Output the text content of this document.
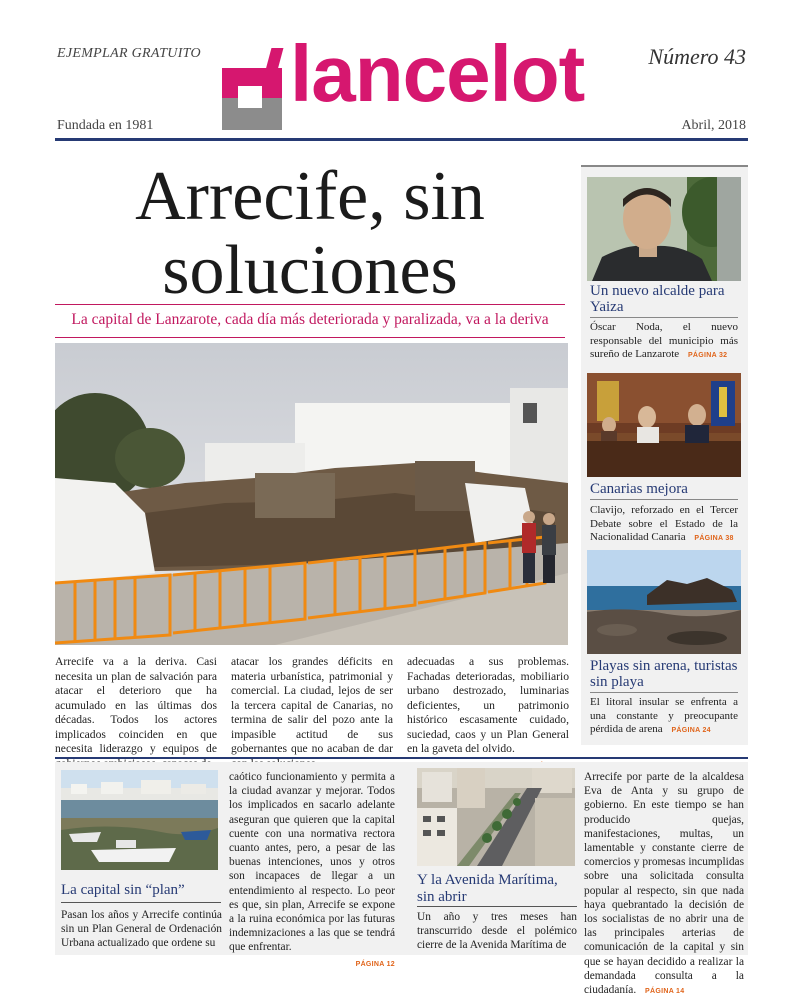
EJEMPLAR GRATUITO
Fundada en 1981
Número 43
Abril, 2018
lancelot
Arrecife, sin soluciones
La capital de Lanzarote, cada día más deteriorada y paralizada, va a la deriva

Arrecife va a la deriva. Casi necesita un plan de salvación para atacar el deterioro que ha acumulado en las últimas dos décadas. Todos los actores implicados coinciden en que necesita liderazgo y equipos de

atacar los grandes déficits en materia urbanística, patrimonial y comercial. La ciudad, lejos de ser la tercera capital de Canarias, no termina de salir del pozo ante la impasible actitud de sus gobernantes que no acaban de dar

adecuadas a sus problemas. Fachadas deterioradas, mobiliario urbano destrozado, luminarias deficientes, un patrimonio histórico escasamente cuidado, suciedad, caos y un Plan General en la gaveta del olvido.

Un nuevo alcalde para Yaiza
Óscar Noda, el nuevo responsable del municipio más sureño de Lanzarote PÁGINA 32
Canarias mejora
Clavijo, reforzado en el Tercer Debate sobre el Estado de la Nacionalidad Canaria PÁGINA 38
Playas sin arena, turistas sin playa
El litoral insular se enfrenta a una constante y preocupante pérdida de arena PÁGINA 24
La capital sin “plan”
Pasan los años y Arrecife continúa sin un Plan General de Ordenación Urbana actualizado que ordene su
caótico funcionamiento y permita a la ciudad avanzar y mejorar. Todos los implicados en sacarlo adelante aseguran que quieren que la capital cuente con una normativa rectora cuanto antes, pero, a pesar de las buenas intenciones, unos y otros son incapaces de llegar a un entendimiento al respecto. Lo peor es que, sin plan, Arrecife se expone a la ruina económica por las futuras indemnizaciones a las que se tendrá que enfrentar.

PÁGINA 12
Y la Avenida Marítima, sin abrir
Un año y tres meses han transcurrido desde el polémico cierre de la Avenida Marítima de
Arrecife por parte de la alcaldesa Eva de Anta y su grupo de gobierno. En este tiempo se han producido quejas, manifestaciones, multas, un lamentable y constante cierre de comercios y promesas incumplidas sobre una solicitada consulta popular al respecto, sin que nada haya quebrantado la decisión de los socialistas de no abrir una de las principales arterias de comunicación de la capital y sin que se hayan decidido a realizar la demandada consulta a la ciudadanía. PÁGINA 14
